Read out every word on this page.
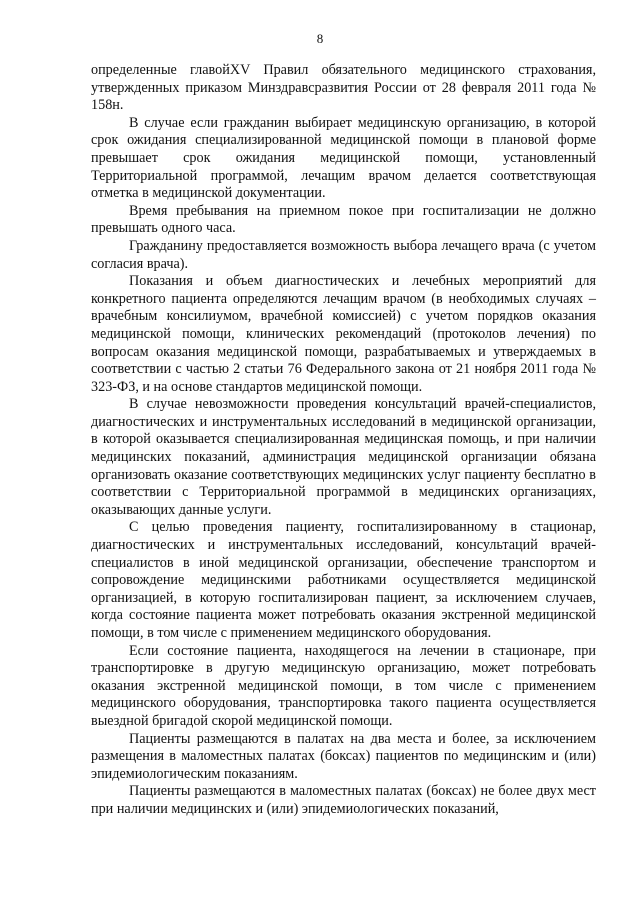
8

определенные главойXV Правил обязательного медицинского страхования, утвержденных приказом Минздравсразвития России от 28 февраля 2011 года № 158н.

В случае если гражданин выбирает медицинскую организацию, в которой срок ожидания специализированной медицинской помощи в плановой форме превышает срок ожидания медицинской помощи, установленный Территориальной программой, лечащим врачом делается соответствующая отметка в медицинской документации.

Время пребывания на приемном покое при госпитализации не должно превышать одного часа.

Гражданину предоставляется возможность выбора лечащего врача (с учетом согласия врача).

Показания и объем диагностических и лечебных мероприятий для конкретного пациента определяются лечащим врачом (в необходимых случаях – врачебным консилиумом, врачебной комиссией) с учетом порядков оказания медицинской помощи, клинических рекомендаций (протоколов лечения) по вопросам оказания медицинской помощи, разрабатываемых и утверждаемых в соответствии с частью 2 статьи 76 Федерального закона от 21 ноября 2011 года № 323-ФЗ, и на основе стандартов медицинской помощи.

В случае невозможности проведения консультаций врачей-специалистов, диагностических и инструментальных исследований в медицинской организации, в которой оказывается специализированная медицинская помощь, и при наличии медицинских показаний, администрация медицинской организации обязана организовать оказание соответствующих медицинских услуг пациенту бесплатно в соответствии с Территориальной программой в медицинских организациях, оказывающих данные услуги.

С целью проведения пациенту, госпитализированному в стационар, диагностических и инструментальных исследований, консультаций врачей-специалистов в иной медицинской организации, обеспечение транспортом и сопровождение медицинскими работниками осуществляется медицинской организацией, в которую госпитализирован пациент, за исключением случаев, когда состояние пациента может потребовать оказания экстренной медицинской помощи, в том числе с применением медицинского оборудования.

Если состояние пациента, находящегося на лечении в стационаре, при транспортировке в другую медицинскую организацию, может потребовать оказания экстренной медицинской помощи, в том числе с применением медицинского оборудования, транспортировка такого пациента осуществляется выездной бригадой скорой медицинской помощи.

Пациенты размещаются в палатах на два места и более, за исключением размещения в маломестных палатах (боксах) пациентов по медицинским и (или) эпидемиологическим показаниям.

Пациенты размещаются в маломестных палатах (боксах) не более двух мест при наличии медицинских и (или) эпидемиологических показаний,
